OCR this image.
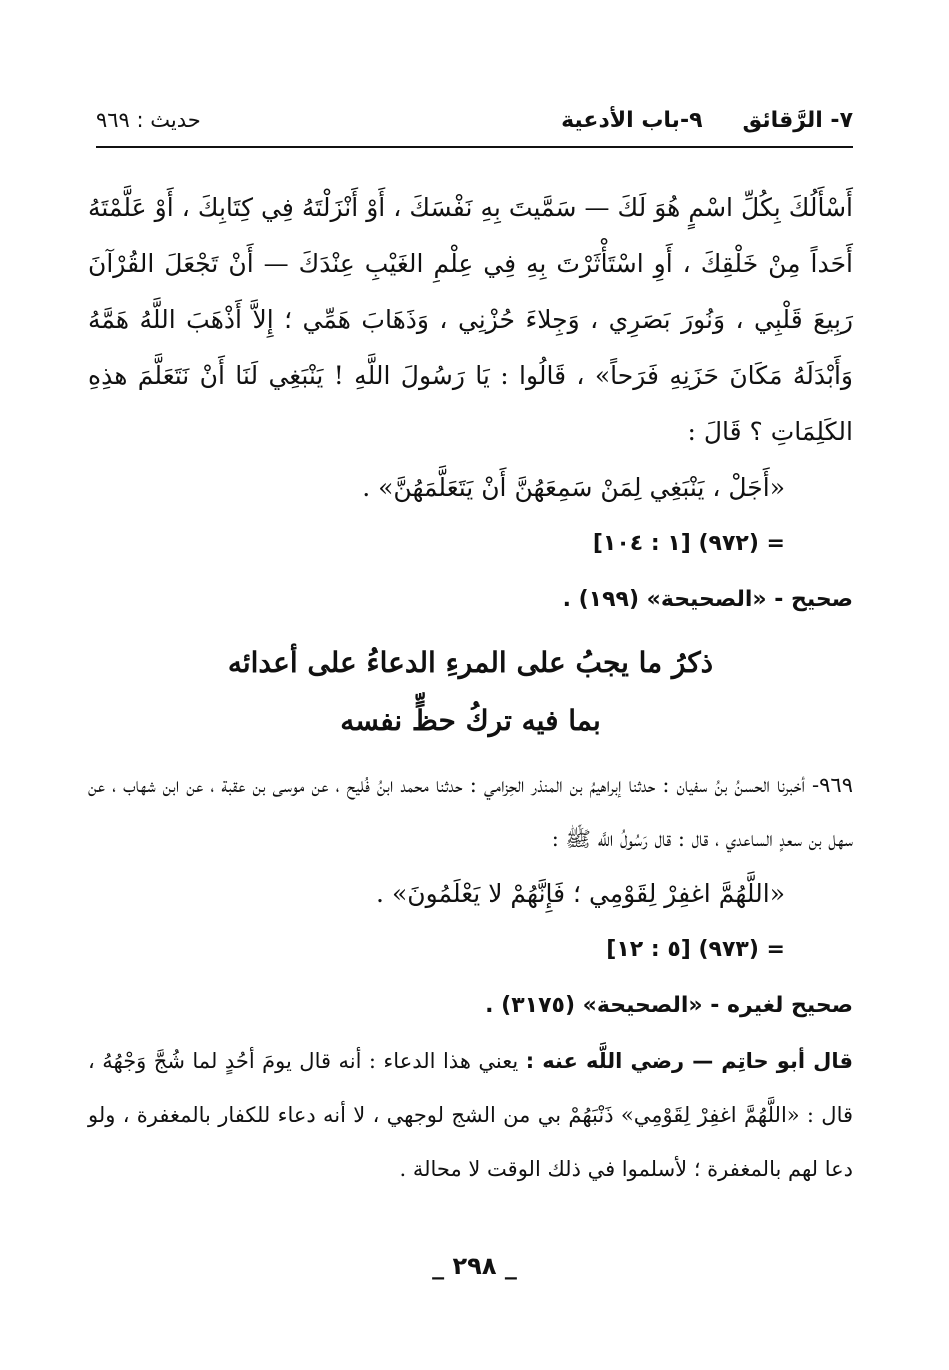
٧- الرَّقائق
٩-باب الأدعية
حديث : ٩٦٩

أَسْأَلُكَ بِكُلِّ اسْمٍ هُوَ لَكَ — سَمَّيتَ بِهِ نَفْسَكَ ، أَوْ أَنْزَلْتَهُ فِي كِتَابِكَ ، أَوْ عَلَّمْتَهُ أَحَداً مِنْ خَلْقِكَ ، أَوِ اسْتَأْثَرْتَ بِهِ فِي عِلْمِ الغَيْبِ عِنْدَكَ — أَنْ تَجْعَلَ القُرْآنَ رَبِيعَ قَلْبِي ، وَنُورَ بَصَرِي ، وَجِلاءَ حُزْنِي ، وَذَهَابَ هَمِّي ؛ إِلاَّ أَذْهَبَ اللَّهُ هَمَّهُ وَأَبْدَلَهُ مَكَانَ حَزَنِهِ فَرَحاً» ، قَالُوا : يَا رَسُولَ اللَّهِ ! يَنْبَغِي لَنَا أَنْ نَتَعَلَّمَ هذِهِ الكَلِمَاتِ ؟ قَالَ :

«أَجَلْ ، يَنْبَغِي لِمَنْ سَمِعَهُنَّ أَنْ يَتَعَلَّمَهُنَّ» .

= (٩٧٢) [١ : ١٠٤]

صحيح - «الصحيحة» (١٩٩) .

ذكرُ ما يجبُ على المرءِ الدعاءُ على أعدائه

بما فيه تركُ حظٍّ نفسه

٩٦٩- أخبرنا الحسنُ بنُ سفيان : حدثنا إبراهيمُ بن المنذر الحِزامي : حدثنا محمد ابنُ فُليح ، عن موسى بن عقبة ، عن ابن شهاب ، عن سهل بن سعدٍ الساعدي ، قال : قال رَسُولُ اللَّه ﷺ :

«اللَّهُمَّ اغفِرْ لِقَوْمِي ؛ فَإِنَّهُمْ لا يَعْلَمُونَ» .

= (٩٧٣) [٥ : ١٢]

صحيح لغيره - «الصحيحة» (٣١٧٥) .

قال أبو حاتِم — رضي اللَّه عنه : يعني هذا الدعاء : أنه قال يومَ أحُدٍ لما شُجَّ وَجْهُهُ ، قال : «اللَّهُمَّ اغفِرْ لِقَوْمِي» ذَنْبَهُمْ بي من الشج لوجهي ، لا أنه دعاء للكفار بالمغفرة ، ولو دعا لهم بالمغفرة ؛ لأسلموا في ذلك الوقت لا محالة .

_ ٢٩٨ _
